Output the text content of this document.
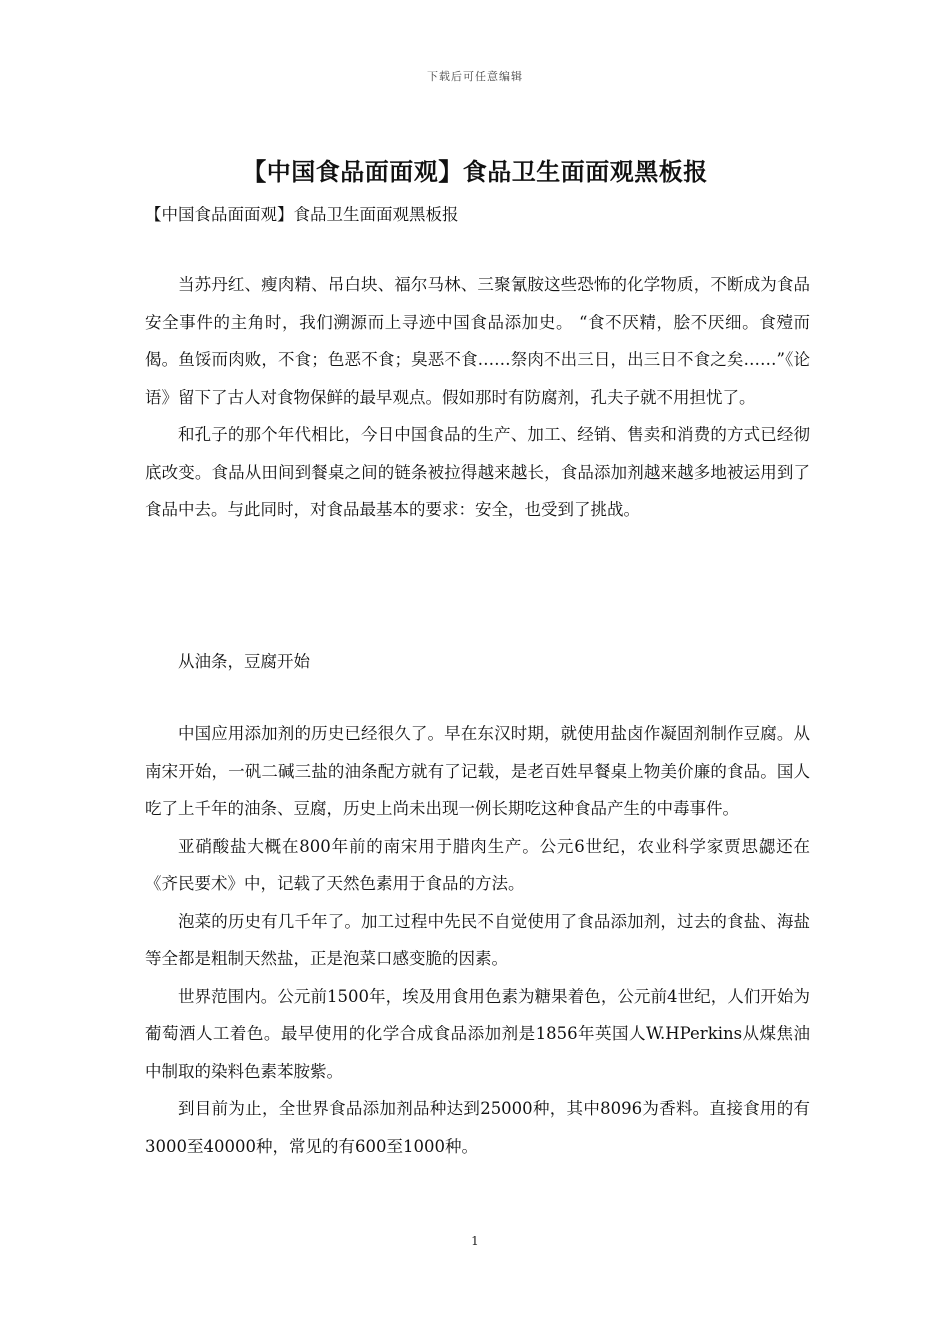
下载后可任意编辑
【中国食品面面观】食品卫生面面观黑板报
【中国食品面面观】食品卫生面面观黑板报

当苏丹红、瘦肉精、吊白块、福尔马林、三聚氰胺这些恐怖的化学物质，不断成为食品安全事件的主角时，我们溯源而上寻迹中国食品添加史。 “食不厌精，脍不厌细。食殪而偈。鱼馁而肉败，不食；色恶不食；臭恶不食……祭肉不出三日，出三日不食之矣……”《论语》留下了古人对食物保鲜的最早观点。假如那时有防腐剂，孔夫子就不用担忧了。

和孔子的那个年代相比，今日中国食品的生产、加工、经销、售卖和消费的方式已经彻底改变。食品从田间到餐桌之间的链条被拉得越来越长，食品添加剂越来越多地被运用到了食品中去。与此同时，对食品最基本的要求：安全，也受到了挑战。

从油条，豆腐开始

中国应用添加剂的历史已经很久了。早在东汉时期，就使用盐卤作凝固剂制作豆腐。从南宋开始，一矾二碱三盐的油条配方就有了记载，是老百姓早餐桌上物美价廉的食品。国人吃了上千年的油条、豆腐，历史上尚未出现一例长期吃这种食品产生的中毒事件。

亚硝酸盐大概在800年前的南宋用于腊肉生产。公元6世纪，农业科学家贾思勰还在《齐民要术》中，记载了天然色素用于食品的方法。

泡菜的历史有几千年了。加工过程中先民不自觉使用了食品添加剂，过去的食盐、海盐等全都是粗制天然盐，正是泡菜口感变脆的因素。

世界范围内。公元前1500年，埃及用食用色素为糖果着色，公元前4世纪，人们开始为葡萄酒人工着色。最早使用的化学合成食品添加剂是1856年英国人W.HPerkins从煤焦油中制取的染料色素苯胺紫。

到目前为止，全世界食品添加剂品种达到25000种，其中8096为香料。直接食用的有3000至40000种，常见的有600至1000种。

1
